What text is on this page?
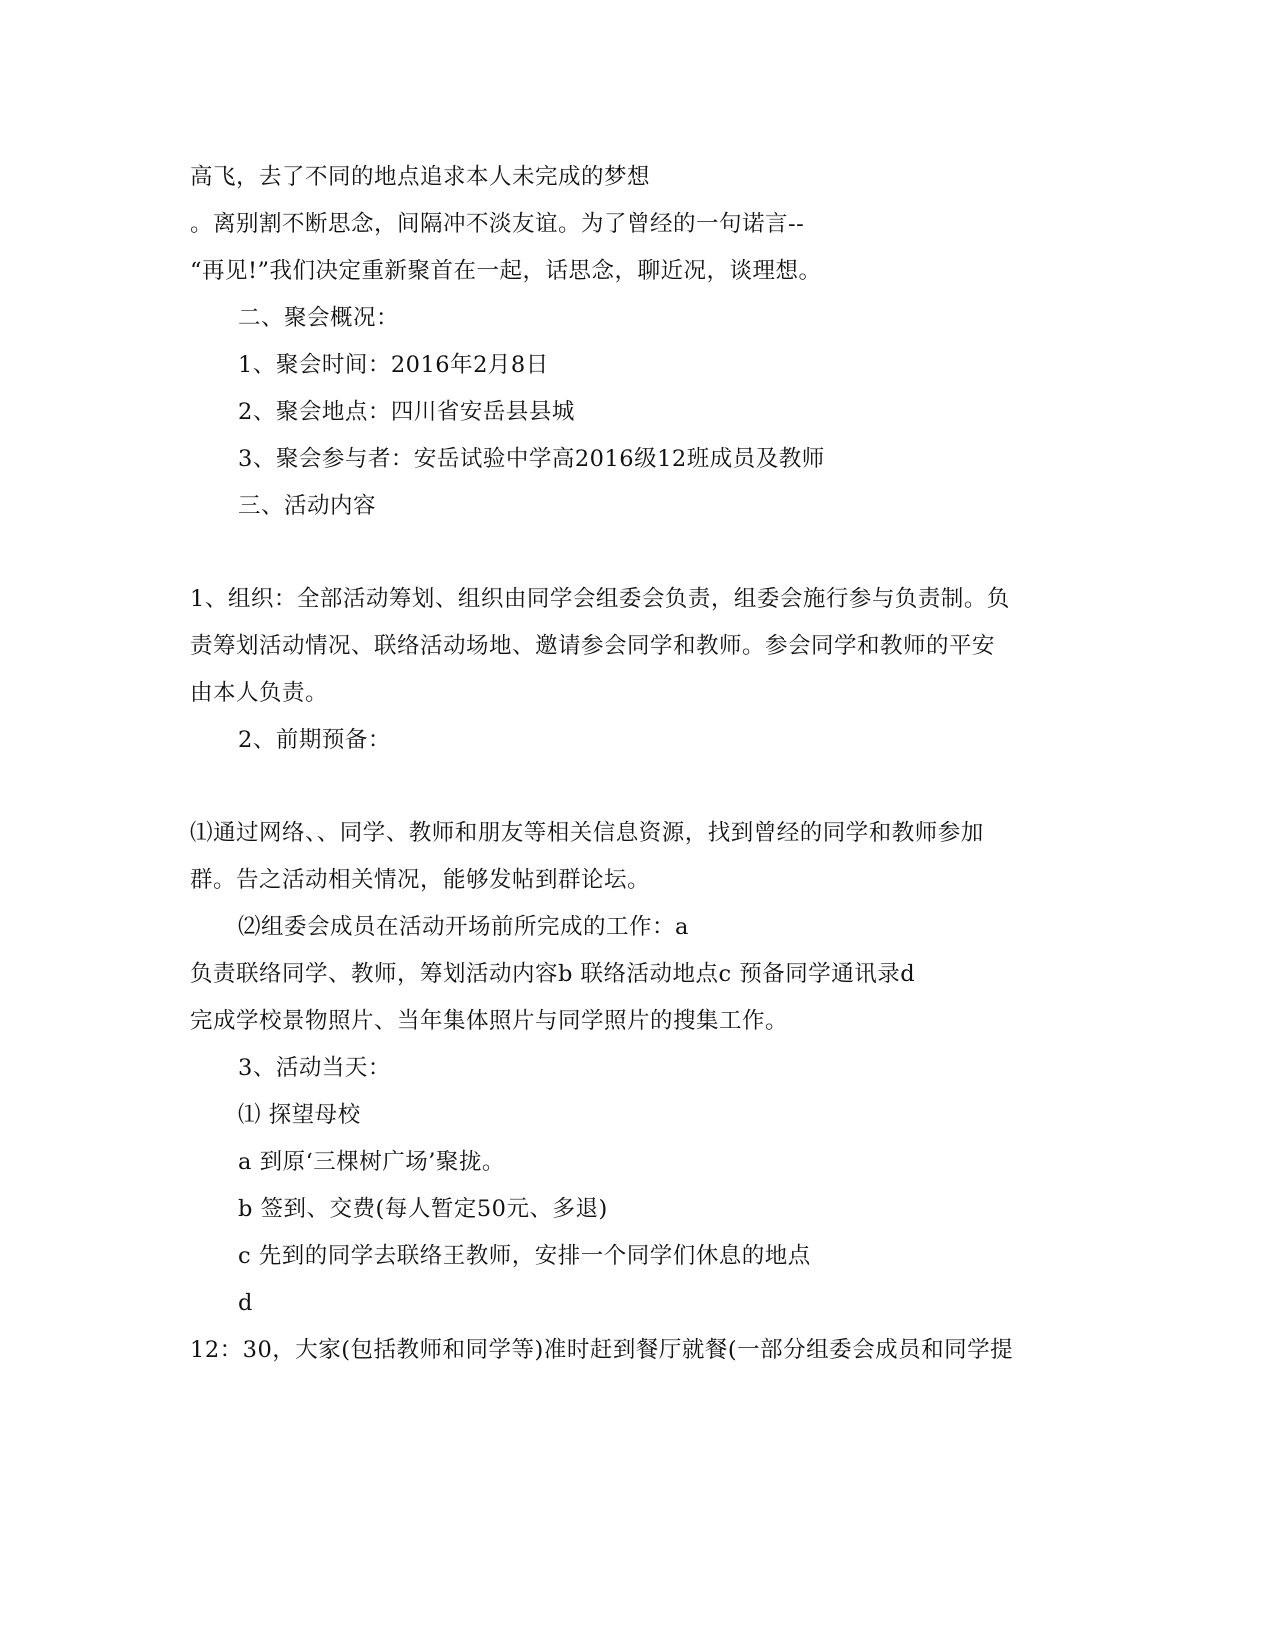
高飞，去了不同的地点追求本人未完成的梦想
。离别割不断思念，间隔冲不淡友谊。为了曾经的一句诺言--
“再见!”我们决定重新聚首在一起，话思念，聊近况，谈理想。
二、聚会概况：
1、聚会时间：2016年2月8日
2、聚会地点：四川省安岳县县城
3、聚会参与者：安岳试验中学高2016级12班成员及教师
三、活动内容
1、组织：全部活动筹划、组织由同学会组委会负责，组委会施行参与负责制。负
责筹划活动情况、联络活动场地、邀请参会同学和教师。参会同学和教师的平安
由本人负责。
2、前期预备：
⑴通过网络、、同学、教师和朋友等相关信息资源，找到曾经的同学和教师参加
群。告之活动相关情况，能够发帖到群论坛。
⑵组委会成员在活动开场前所完成的工作：a
负责联络同学、教师，筹划活动内容b 联络活动地点c 预备同学通讯录d
完成学校景物照片、当年集体照片与同学照片的搜集工作。
3、活动当天：
⑴ 探望母校
a 到原‘三棵树广场’聚拢。
b 签到、交费(每人暂定50元、多退)
c 先到的同学去联络王教师，安排一个同学们休息的地点
d
12：30，大家(包括教师和同学等)准时赶到餐厅就餐(一部分组委会成员和同学提
